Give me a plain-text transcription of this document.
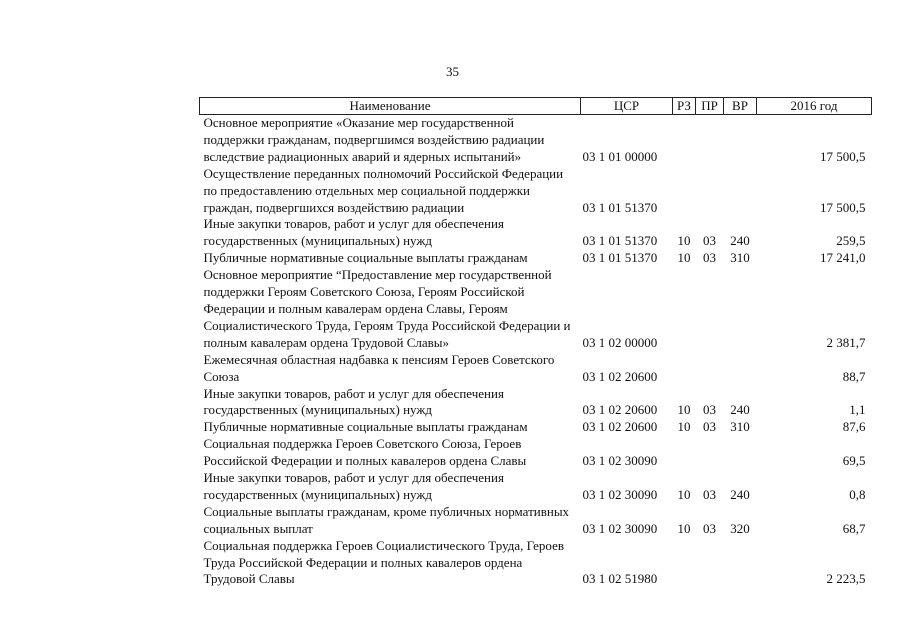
35
Наименование	ЦСР	РЗ	ПР	ВР	2016 год
Основное мероприятие «Оказание мер государственной поддержки гражданам, подвергшимся воздействию радиации вследствие радиационных аварий и ядерных испытаний»	03 1 01 00000				17 500,5
Осуществление переданных полномочий Российской Федерации по предоставлению отдельных мер социальной поддержки граждан, подвергшихся воздействию радиации	03 1 01 51370				17 500,5
Иные закупки товаров, работ и услуг для обеспечения государственных (муниципальных) нужд	03 1 01 51370	10	03	240	259,5
Публичные нормативные социальные выплаты гражданам	03 1 01 51370	10	03	310	17 241,0
Основное мероприятие “Предоставление мер государственной поддержки Героям Советского Союза, Героям Российской Федерации и полным кавалерам ордена Славы, Героям Социалистического Труда, Героям Труда Российской Федерации и полным кавалерам ордена Трудовой Славы»	03 1 02 00000				2 381,7
Ежемесячная областная надбавка к пенсиям Героев Советского Союза	03 1 02 20600				88,7
Иные закупки товаров, работ и услуг для обеспечения государственных (муниципальных) нужд	03 1 02 20600	10	03	240	1,1
Публичные нормативные социальные выплаты гражданам	03 1 02 20600	10	03	310	87,6
Социальная поддержка Героев Советского Союза, Героев Российской Федерации и полных кавалеров ордена Славы	03 1 02 30090				69,5
Иные закупки товаров, работ и услуг для обеспечения государственных (муниципальных) нужд	03 1 02 30090	10	03	240	0,8
Социальные выплаты гражданам, кроме публичных нормативных социальных выплат	03 1 02 30090	10	03	320	68,7
Социальная поддержка Героев Социалистического Труда, Героев Труда Российской Федерации и полных кавалеров ордена Трудовой Славы	03 1 02 51980				2 223,5
